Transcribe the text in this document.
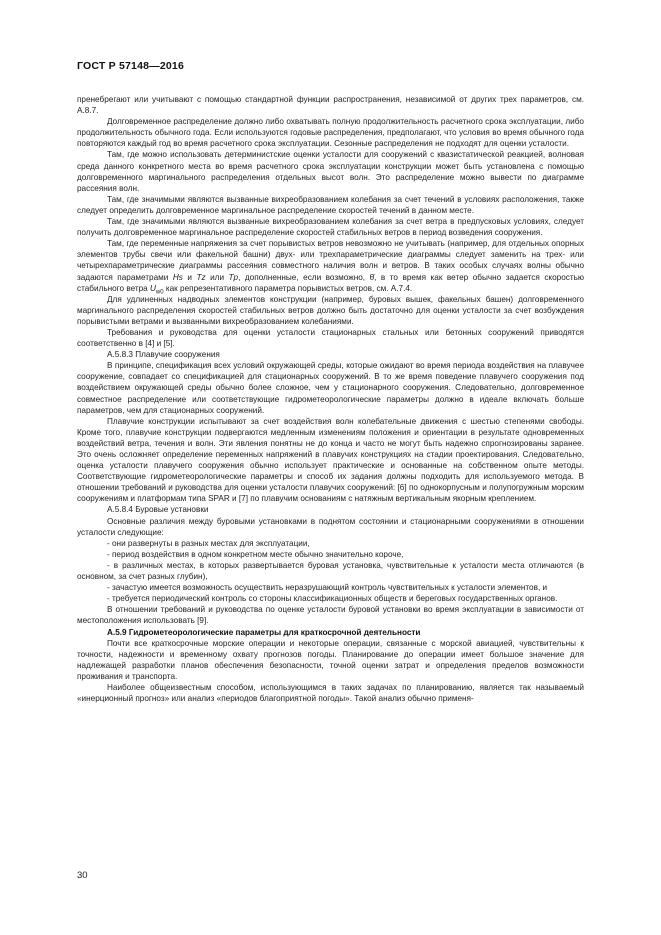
ГОСТ Р 57148—2016

пренебрегают или учитывают с помощью стандартной функции распространения, независимой от других трех параметров, см. А.8.7.

Долговременное распределение должно либо охватывать полную продолжительность расчетного срока эксплуатации, либо продолжительность обычного года. Если используются годовые распределения, предполагают, что условия во время обычного года повторяются каждый год во время расчетного срока эксплуатации. Сезонные распределения не подходят для оценки усталости.

Там, где можно использовать детерминистские оценки усталости для сооружений с квазистатической реакцией, волновая среда данного конкретного места во время расчетного срока эксплуатации конструкции может быть установлена с помощью долговременного маргинального распределения отдельных высот волн. Это распределение можно вывести по диаграмме рассеяния волн.

Там, где значимыми являются вызванные вихреобразованием колебания за счет течений в условиях расположения, также следует определить долговременное маргинальное распределение скоростей течений в данном месте.

Там, где значимыми являются вызванные вихреобразованием колебания за счет ветра в предпусковых условиях, следует получить долговременное маргинальное распределение скоростей стабильных ветров в период возведения сооружения.

Там, где переменные напряжения за счет порывистых ветров невозможно не учитывать (например, для отдельных опорных элементов трубы свечи или факельной башни) двух- или трехпараметрические диаграммы следует заменить на трех- или четырехпараметрические диаграммы рассеяния совместного наличия волн и ветров. В таких особых случаях волны обычно задаются параметрами Hs и Tz или Tp, дополненные, если возможно, θ̄, в то время как ветер обычно задается скоростью стабильного ветра $U_{w0}$ как репрезентативного параметра порывистых ветров, см. А.7.4.

Для удлиненных надводных элементов конструкции (например, буровых вышек, факельных башен) долговременного маргинального распределения скоростей стабильных ветров должно быть достаточно для оценки усталости за счет возбуждения порывистыми ветрами и вызванными вихреобразованием колебаниями.

Требования и руководства для оценки усталости стационарных стальных или бетонных сооружений приводятся соответственно в [4] и [5].

А.5.8.3 Плавучие сооружения

В принципе, спецификация всех условий окружающей среды, которые ожидают во время периода воздействия на плавучее сооружение, совпадает со спецификацией для стационарных сооружений. В то же время поведение плавучего сооружения под воздействием окружающей среды обычно более сложное, чем у стационарного сооружения. Следовательно, долговременное совместное распределение или соответствующие гидрометеорологические параметры должно в идеале включать больше параметров, чем для стационарных сооружений.

Плавучие конструкции испытывают за счет воздействия волн колебательные движения с шестью степенями свободы. Кроме того, плавучие конструкции подвергаются медленным изменениям положения и ориентации в результате одновременных воздействий ветра, течения и волн. Эти явления понятны не до конца и часто не могут быть надежно спрогнозированы заранее. Это очень осложняет определение переменных напряжений в плавучих конструкциях на стадии проектирования. Следовательно, оценка усталости плавучего сооружения обычно использует практические и основанные на собственном опыте методы. Соответствующие гидрометеорологические параметры и способ их задания должны подходить для используемого метода. В отношении требований и руководства для оценки усталости плавучих сооружений: [6] по однокорпусным и полупогружным морским сооружениям и платформам типа SPAR и [7] по плавучим основаниям с натяжным вертикальным якорным креплением.

А.5.8.4 Буровые установки

Основные различия между буровыми установками в поднятом состоянии и стационарными сооружениями в отношении усталости следующие:

- они развернуты в разных местах для эксплуатации,

- период воздействия в одном конкретном месте обычно значительно короче,

- в различных местах, в которых развертывается буровая установка, чувствительные к усталости места отличаются (в основном, за счет разных глубин),

- зачастую имеется возможность осуществить неразрушающий контроль чувствительных к усталости элементов, и

- требуется периодический контроль со стороны классификационных обществ и береговых государственных органов.

В отношении требований и руководства по оценке усталости буровой установки во время эксплуатации в зависимости от местоположения использовать [9].

А.5.9 Гидрометеорологические параметры для краткосрочной деятельности

Почти все краткосрочные морские операции и некоторые операции, связанные с морской авиацией, чувствительны к точности, надежности и временному охвату прогнозов погоды. Планирование до операции имеет большое значение для надлежащей разработки планов обеспечения безопасности, точной оценки затрат и определения пределов возможности проживания и транспорта.

Наиболее общеизвестным способом, использующимся в таких задачах по планированию, является так называемый «инерционный прогноз» или анализ «периодов благоприятной погоды». Такой анализ обычно применя-

30
